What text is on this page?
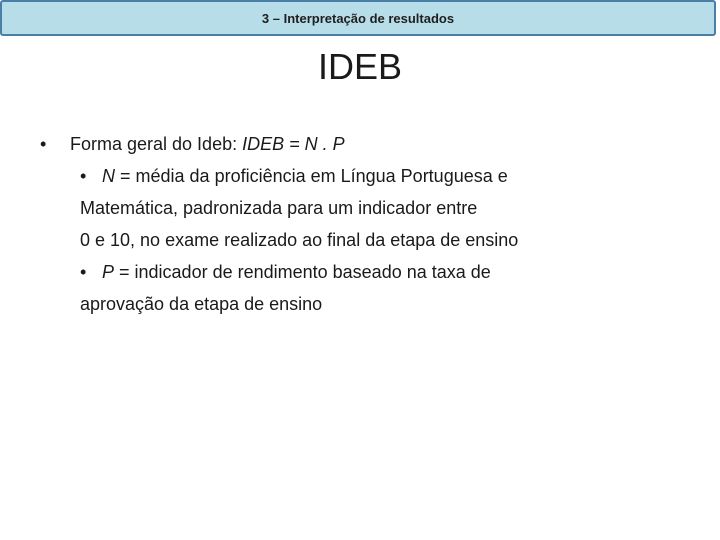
3 – Interpretação de resultados
IDEB
• Forma geral do Ideb: IDEB = N . P
• N = média da proficiência em Língua Portuguesa e
Matemática, padronizada para um indicador entre
0 e 10, no exame realizado ao final da etapa de ensino
• P = indicador de rendimento baseado na taxa de
aprovação da etapa de ensino
